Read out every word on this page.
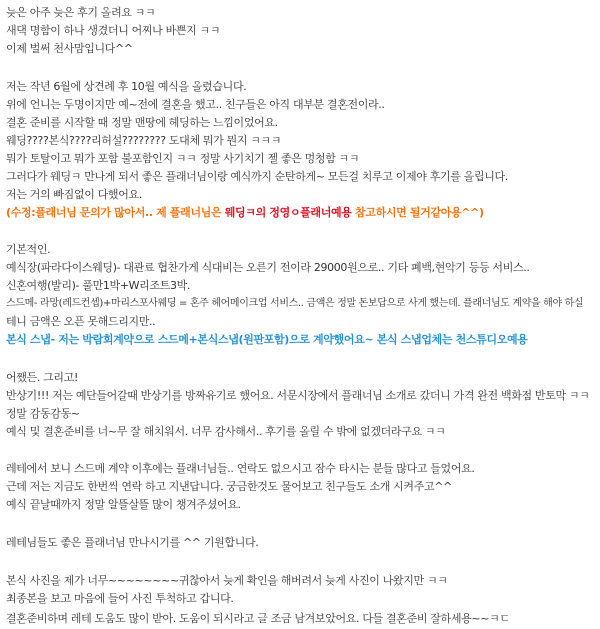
늦은 아주 늦은 후기 올려요 ㅋㅋ
새댁 명함이 하나 생겼더니 어찌나 바쁜지 ㅋㅋ
이제 벌써 천사맘입니다^^
저는 작년 6월에 상견례 후 10월 예식을 올렸습니다.
위에 언니는 두명이지만 예~전에 결혼을 했고.. 친구들은 아직 대부분 결혼전이라..
결혼 준비를 시작할 때 정말 맨땅에 헤딩하는 느낌이었어요.
웨딩????본식????리허설???????? 도대체 뭐가 뭔지 ㅋㅋㅋ
뭐가 토탈이고 뭐가 포함 불포함인지 ㅋㅋ 정말 사기치기 젤 좋은 멍청함 ㅋㅋ
그러다가 웨딩ㅋ 만나게 되서 좋은 플래너님이랑 예식까지 순탄하게~ 모든걸 치루고 이제야 후기를 올립니다.
저는 거의 빠짐없이 다했어요.
(수정:플래너님 문의가 많아서.. 제 플래너님은 웨딩ㅋ의 정영ㅇ플래너예용 참고하시면 될거같아용^^)
기본적인.
예식장(파라다이스웨딩)- 대관료 협찬가게 식대비는 오른기 전이라 29000원으로.. 기타 폐백,현악기 등등 서비스..
신혼여행(발리)- 풀만1박+W리조트3박.
스드메- 라망(레드컨셉)+마리스포사웨딩 = 혼주 헤어메이크업 서비스.. 금액은 정말 돈보답으로 사게 했는데. 플래너님도 계약을 해야 하실
테니 금액은 오픈 못해드리지만..
본식 스냅- 저는 박람회계약으로 스드메+본식스냅(원판포함)으로 계약했어요~ 본식 스냅업체는 천스튜디오예용
어쨌든. 그리고!
반상기!!! 저는 예단들어갈때 반상기를 방짜유기로 했어요. 서문시장에서 플래너님 소개로 갔더니 가격 완전 백화점 반토막 ㅋㅋ
정말 감동감동~
예식 및 결혼준비를 너~무 잘 해치워서. 너무 감사해서.. 후기를 올릴 수 밖에 없겠더라구요 ㅋㅋ
레테에서 보니 스드메 계약 이후에는 플래너님들.. 연락도 없으시고 잠수 타시는 분들 많다고 들었어요.
근데 저는 지금도 한번씩 연락 하고 지낸답니다. 궁금한것도 물어보고 친구들도 소개 시켜주고^^
예식 끝날때까지 정말 알뜰살뜰 많이 챙겨주셨어요.
레테님들도 좋은 플래너님 만나시기를 ^^ 기원합니다.
본식 사진을 제가 너무~~~~~~~~귀찮아서 늦게 확인을 해버려서 늦게 사진이 나왔지만 ㅋㅋ
최종본을 보고 마음에 들어 사진 투척하고 갑니다.
결혼준비하며 레테 도움도 많이 받아. 도움이 되시라고 글 조금 남겨보았어요. 다들 결혼준비 잘하세용~~ㅋㄷ
